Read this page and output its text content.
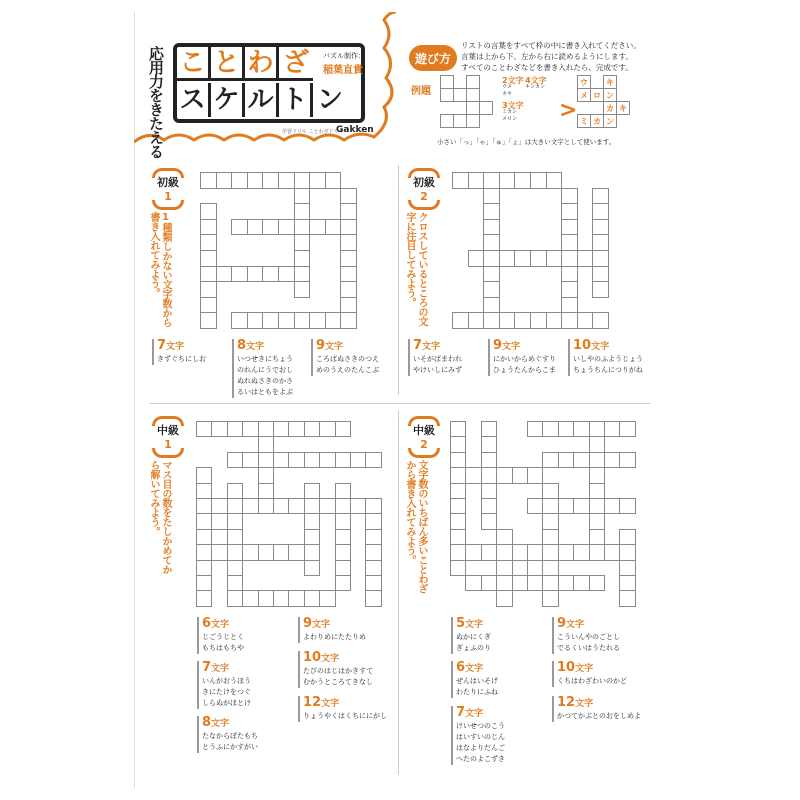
応用力をきたえる こ と わ ざ
ス ケ ル ト ン
パズル制作：
稲葉直貴
学習ドリル ことわざドリル
Gakken
遊び方
リストの言葉をすべて枠の中に書き入れてください。
言葉は上から下、左から右に読めるようにします。
すべてのことわざなどを書き入れたら、完成です。
例題
2文字
ウメ
カキ
4文字
キンカン
3文字
ミカン
メロン >
ウ	キ
メ ロ ン
カ キ
ミ カ ン
小さい「っ」「ゃ」「ゅ」「ょ」は大きい文字として使います。
初級
1
1種類しかない文字数から書き入れてみよう。
7文字
きずぐちにしお
8文字
いつせきにちょう
のれんにうでおし
ぬれぬさきのかさ
るいはともをよぶ
9文字
ころばぬさきのつえ
めのうえのたんこぶ
初級
2
クロスしているところの文字に注目してみよう。
7文字
いそがばまわれ
やけいしにみず
9文字
にかいからめぐすり
ひょうたんからこま
10文字
いしやのふようじょう
ちょうちんにつりがね
中級
1
マス目の数をたしかめてから解いてみよう。
6文字
じごうじとく
もちはもちや
7文字
いんがおうほう
きにたけをつぐ
しらぬがほとけ
8文字
たなからぼたもち
とうふにかすがい
9文字
よわりめにたたりめ
10文字
たびのはじはかきすて
むかうところてきなし
12文字
りょうやくはくちににがし
中級
2
文字数のいちばん多いことわざから書き入れてみよう。
5文字
ぬかにくぎ
ぎょふのり
6文字
ぜんはいそげ
わたりにふね
7文字
けいせつのこう
はいすいのじん
はなよりだんご
へたのよこずき
9文字
こういんやのごとし
でるくいはうたれる
10文字
くちはわざわいのかど
12文字
かつてかぶとのおをしめよ
